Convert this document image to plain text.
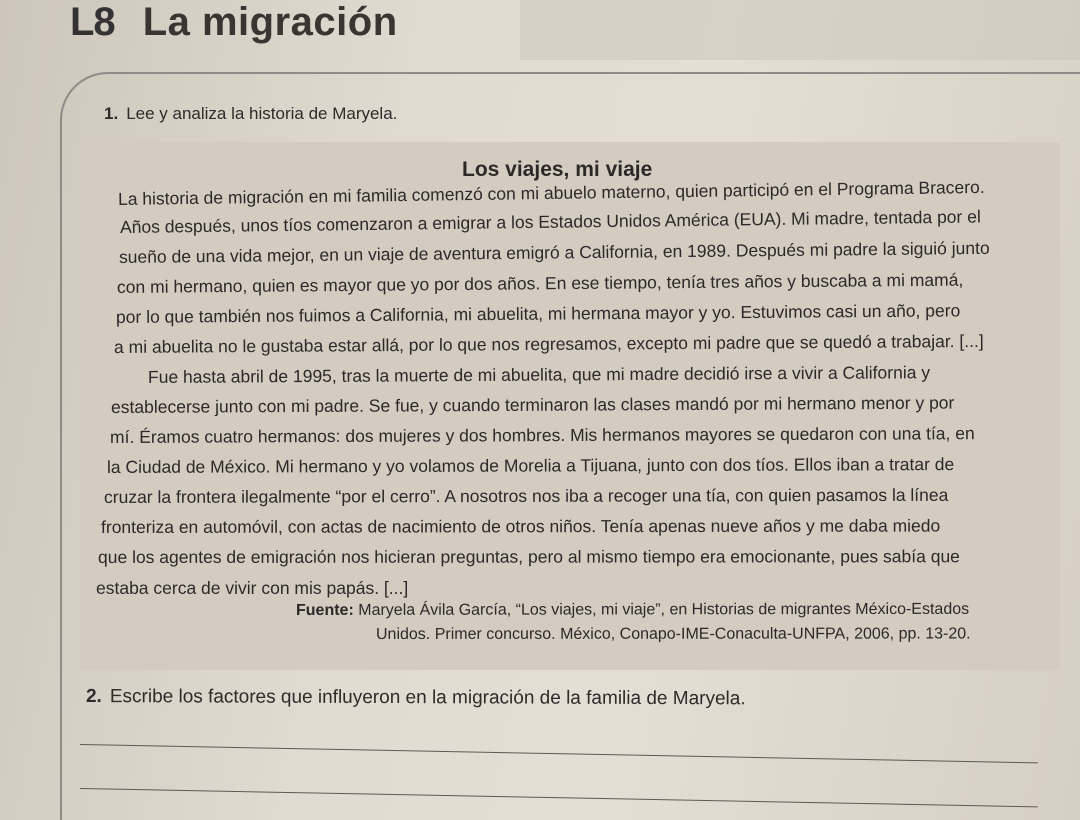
L8 La migración
1. Lee y analiza la historia de Maryela.
Los viajes, mi viaje
La historia de migración en mi familia comenzó con mi abuelo materno, quien participó en el Programa Bracero.
Años después, unos tíos comenzaron a emigrar a los Estados Unidos América (EUA). Mi madre, tentada por el
sueño de una vida mejor, en un viaje de aventura emigró a California, en 1989. Después mi padre la siguió junto
con mi hermano, quien es mayor que yo por dos años. En ese tiempo, tenía tres años y buscaba a mi mamá,
por lo que también nos fuimos a California, mi abuelita, mi hermana mayor y yo. Estuvimos casi un año, pero
a mi abuelita no le gustaba estar allá, por lo que nos regresamos, excepto mi padre que se quedó a trabajar. [...]
Fue hasta abril de 1995, tras la muerte de mi abuelita, que mi madre decidió irse a vivir a California y
establecerse junto con mi padre. Se fue, y cuando terminaron las clases mandó por mi hermano menor y por
mí. Éramos cuatro hermanos: dos mujeres y dos hombres. Mis hermanos mayores se quedaron con una tía, en
la Ciudad de México. Mi hermano y yo volamos de Morelia a Tijuana, junto con dos tíos. Ellos iban a tratar de
cruzar la frontera ilegalmente “por el cerro”. A nosotros nos iba a recoger una tía, con quien pasamos la línea
fronteriza en automóvil, con actas de nacimiento de otros niños. Tenía apenas nueve años y me daba miedo
que los agentes de emigración nos hicieran preguntas, pero al mismo tiempo era emocionante, pues sabía que
estaba cerca de vivir con mis papás. [...]
Fuente: Maryela Ávila García, “Los viajes, mi viaje”, en Historias de migrantes México-Estados
Unidos. Primer concurso. México, Conapo-IME-Conaculta-UNFPA, 2006, pp. 13-20.
2. Escribe los factores que influyeron en la migración de la familia de Maryela.
